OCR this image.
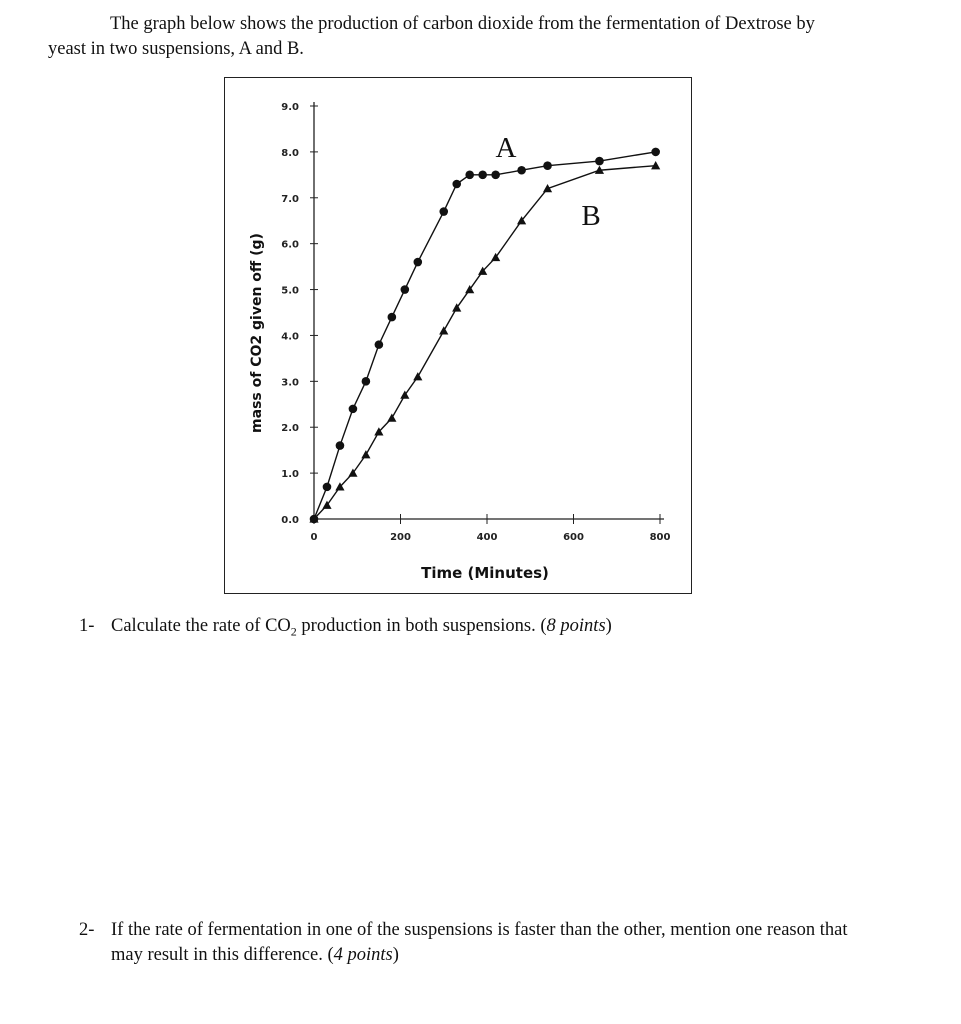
The graph below shows the production of carbon dioxide from the fermentation of Dextrose by
yeast in two suspensions, A and B.
0.0
1.0
2.0
3.0
4.0
5.0
6.0
7.0
8.0
9.0
0	200	400	600	800
Time (Minutes)
mass of CO2 given off (g)
A
B
1- Calculate the rate of $CO_2$ production in both suspensions. (8 points)
2- If the rate of fermentation in one of the suspensions is faster than the other, mention one reason that
may result in this difference. (4 points)
